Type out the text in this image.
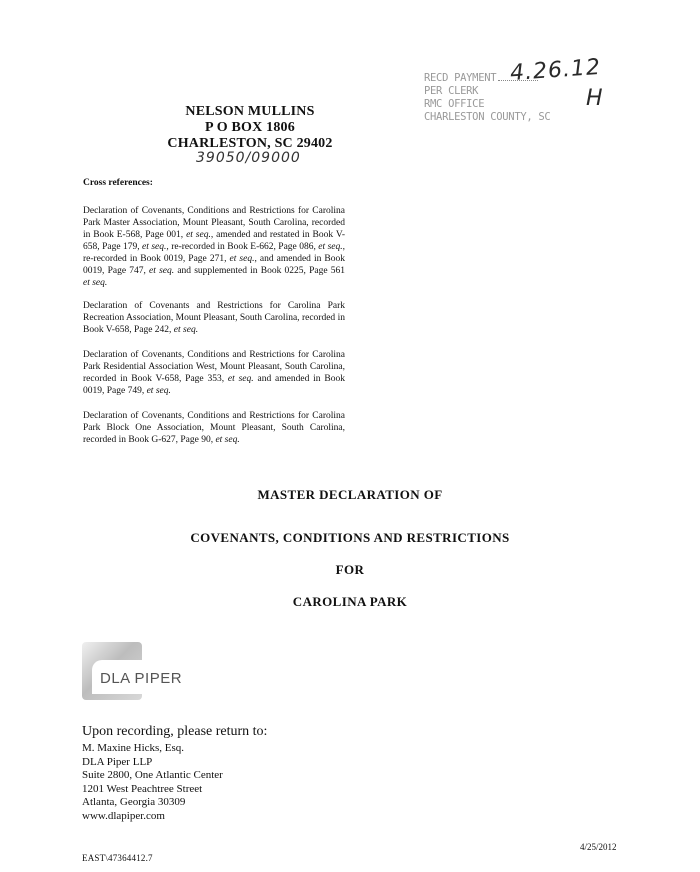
NELSON MULLINS
P O BOX 1806
CHARLESTON, SC 29402
39050/09000
RECD PAYMENT
PER CLERK
RMC OFFICE
CHARLESTON COUNTY, SC
4.26.12
H
Cross references:
Declaration of Covenants, Conditions and Restrictions for Carolina Park Master Association, Mount Pleasant, South Carolina, recorded in Book E-568, Page 001, et seq., amended and restated in Book V-658, Page 179, et seq., re-recorded in Book E-662, Page 086, et seq., re-recorded in Book 0019, Page 271, et seq., and amended in Book 0019, Page 747, et seq. and supplemented in Book 0225, Page 561 et seq.
Declaration of Covenants and Restrictions for Carolina Park Recreation Association, Mount Pleasant, South Carolina, recorded in Book V-658, Page 242, et seq.
Declaration of Covenants, Conditions and Restrictions for Carolina Park Residential Association West, Mount Pleasant, South Carolina, recorded in Book V-658, Page 353, et seq. and amended in Book 0019, Page 749, et seq.
Declaration of Covenants, Conditions and Restrictions for Carolina Park Block One Association, Mount Pleasant, South Carolina, recorded in Book G-627, Page 90, et seq.
MASTER DECLARATION OF
COVENANTS, CONDITIONS AND RESTRICTIONS
FOR
CAROLINA PARK
DLA PIPER
Upon recording, please return to:
M. Maxine Hicks, Esq.
DLA Piper LLP
Suite 2800, One Atlantic Center
1201 West Peachtree Street
Atlanta, Georgia 30309
www.dlapiper.com
EAST\47364412.7
4/25/2012
